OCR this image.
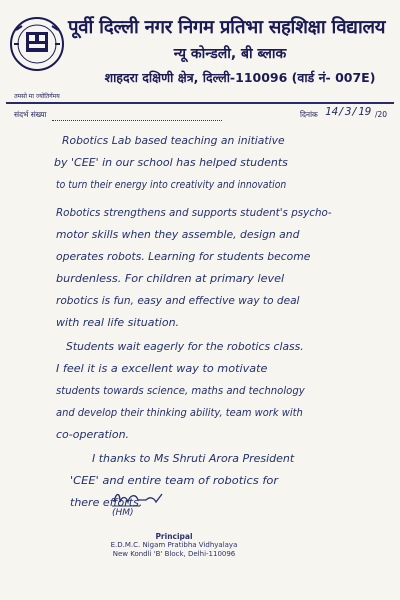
तमसो मा ज्योतिर्गमय
पूर्वी दिल्ली नगर निगम प्रतिभा सहशिक्षा विद्यालय
न्यू कोन्डली, बी ब्लाक
शाहदरा दक्षिणी क्षेत्र, दिल्ली-110096 (वार्ड नं- 007E)
संदर्भ संख्या	दिनांक 14/3/19 /20
Robotics Lab based teaching an initiative
by 'CEE' in our school has helped students
to turn their energy into creativity and innovation
Robotics strengthens and supports student's psycho-
motor skills when they assemble, design and
operates robots. Learning for students become
burdenless. For children at primary level
robotics is fun, easy and effective way to deal
with real life situation.
Students wait eagerly for the robotics class.
I feel it is a excellent way to motivate
students towards science, maths and technology
and develop their thinking ability, team work with
co-operation.
I thanks to Ms Shruti Arora President
'CEE' and entire team of robotics for
there efforts.
(HM)
Principal
E.D.M.C. Nigam Pratibha Vidhyalaya
New Kondli 'B' Block, Delhi-110096
